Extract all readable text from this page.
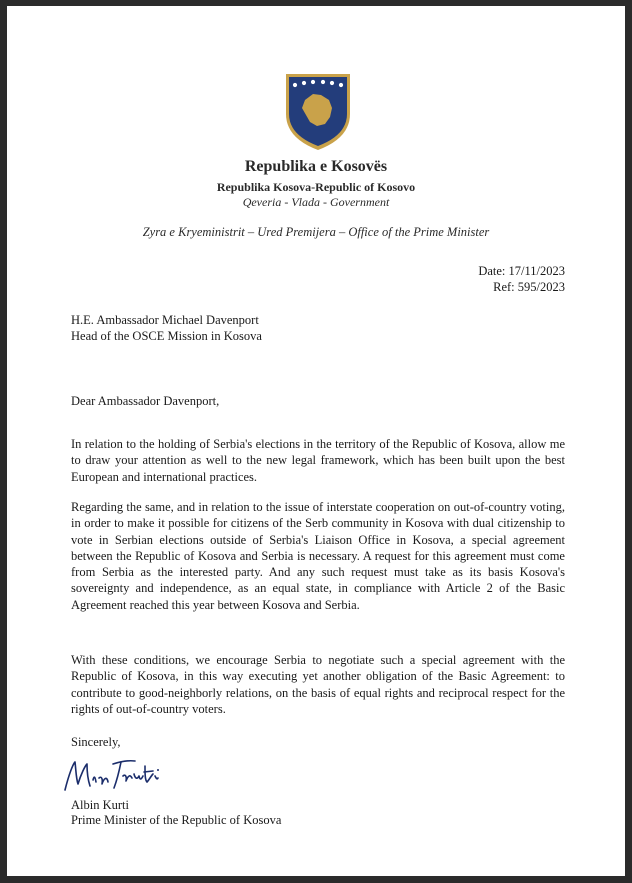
Republika e Kosovës
Republika Kosova-Republic of Kosovo
Qeveria - Vlada - Government
Zyra e Kryeministrit – Ured Premijera – Office of the Prime Minister
Date: 17/11/2023
Ref: 595/2023
H.E. Ambassador Michael Davenport
Head of the OSCE Mission in Kosova
Dear Ambassador Davenport,

In relation to the holding of Serbia's elections in the territory of the Republic of Kosova, allow me to draw your attention as well to the new legal framework, which has been built upon the best European and international practices.

Regarding the same, and in relation to the issue of interstate cooperation on out-of-country voting, in order to make it possible for citizens of the Serb community in Kosova with dual citizenship to vote in Serbian elections outside of Serbia's Liaison Office in Kosova, a special agreement between the Republic of Kosova and Serbia is necessary. A request for this agreement must come from Serbia as the interested party. And any such request must take as its basis Kosova's sovereignty and independence, as an equal state, in compliance with Article 2 of the Basic Agreement reached this year between Kosova and Serbia.

With these conditions, we encourage Serbia to negotiate such a special agreement with the Republic of Kosova, in this way executing yet another obligation of the Basic Agreement: to contribute to good-neighborly relations, on the basis of equal rights and reciprocal respect for the rights of out-of-country voters.

Sincerely,
Albin Kurti
Prime Minister of the Republic of Kosova
